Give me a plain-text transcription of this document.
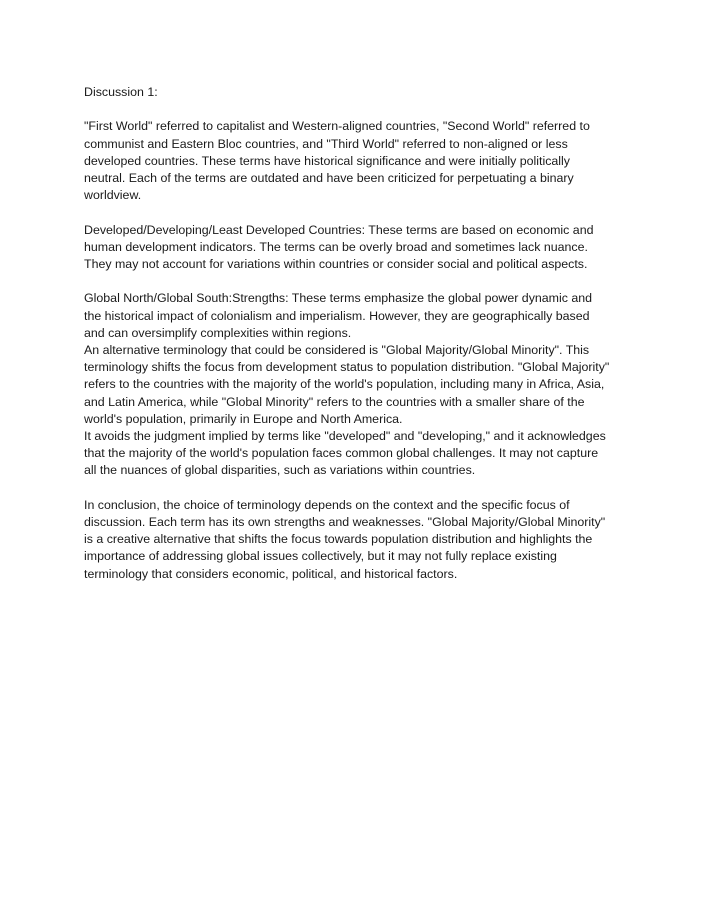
Discussion 1:

"First World" referred to capitalist and Western-aligned countries, "Second World" referred to
communist and Eastern Bloc countries, and "Third World" referred to non-aligned or less
developed countries. These terms have historical significance and were initially politically
neutral. Each of the terms are outdated and have been criticized for perpetuating a binary
worldview.

Developed/Developing/Least Developed Countries: These terms are based on economic and
human development indicators. The terms can be overly broad and sometimes lack nuance.
They may not account for variations within countries or consider social and political aspects.

Global North/Global South:Strengths: These terms emphasize the global power dynamic and
the historical impact of colonialism and imperialism. However, they are geographically based
and can oversimplify complexities within regions.

An alternative terminology that could be considered is "Global Majority/Global Minority". This
terminology shifts the focus from development status to population distribution. "Global Majority"
refers to the countries with the majority of the world's population, including many in Africa, Asia,
and Latin America, while "Global Minority" refers to the countries with a smaller share of the
world's population, primarily in Europe and North America.

It avoids the judgment implied by terms like "developed" and "developing," and it acknowledges
that the majority of the world's population faces common global challenges. It may not capture
all the nuances of global disparities, such as variations within countries.

In conclusion, the choice of terminology depends on the context and the specific focus of
discussion. Each term has its own strengths and weaknesses. "Global Majority/Global Minority"
is a creative alternative that shifts the focus towards population distribution and highlights the
importance of addressing global issues collectively, but it may not fully replace existing
terminology that considers economic, political, and historical factors.
